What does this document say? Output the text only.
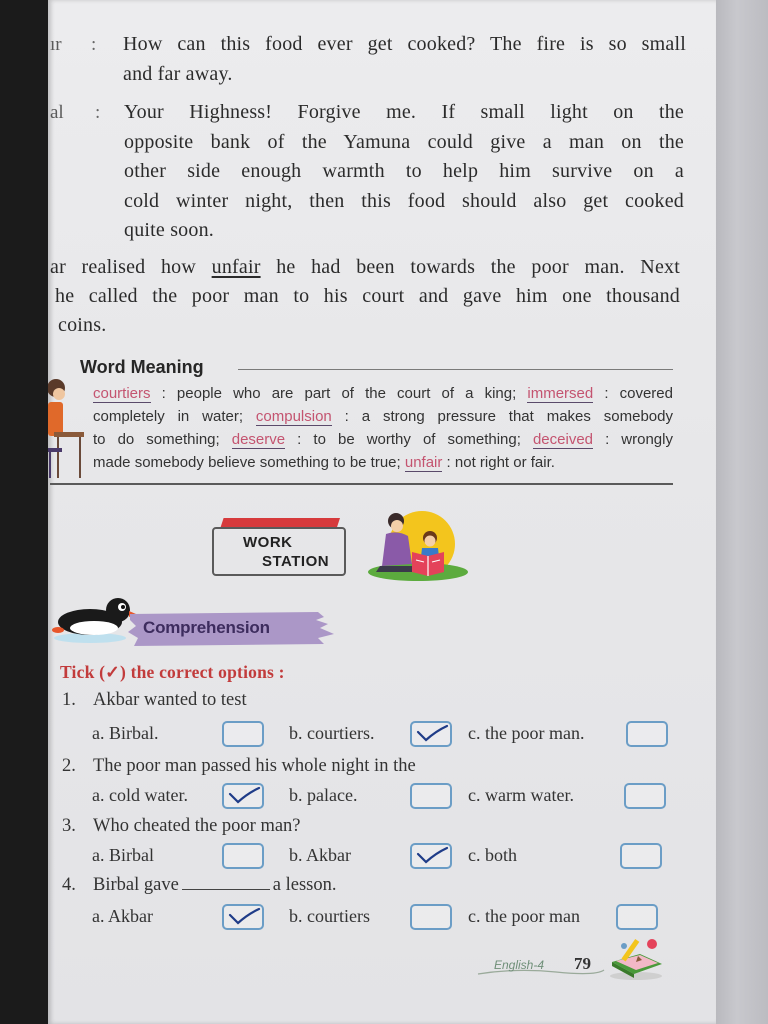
ır : How can this food ever get cooked? The fire is so small
and far away.
al : Your Highness! Forgive me. If small light on the
opposite bank of the Yamuna could give a man on the
other side enough warmth to help him survive on a
cold winter night, then this food should also get cooked
quite soon.
ar realised how unfair he had been towards the poor man. Next
he called the poor man to his court and gave him one thousand
coins.
Word Meaning
courtiers : people who are part of the court of a king; immersed : covered
completely in water; compulsion : a strong pressure that makes somebody
to do something; deserve : to be worthy of something; deceived : wrongly
made somebody believe something to be true; unfair : not right or fair.
WORK
STATION
Comprehension
Tick (✓) the correct options :
1. Akbar wanted to test
a. Birbal.	b. courtiers.	c. the poor man.
2. The poor man passed his whole night in the
a. cold water.	b. palace.	c. warm water.
3. Who cheated the poor man?
a. Birbal	b. Akbar	c. both
4. Birbal gave	a lesson.
a. Akbar	b. courtiers	c. the poor man
English-4 79
